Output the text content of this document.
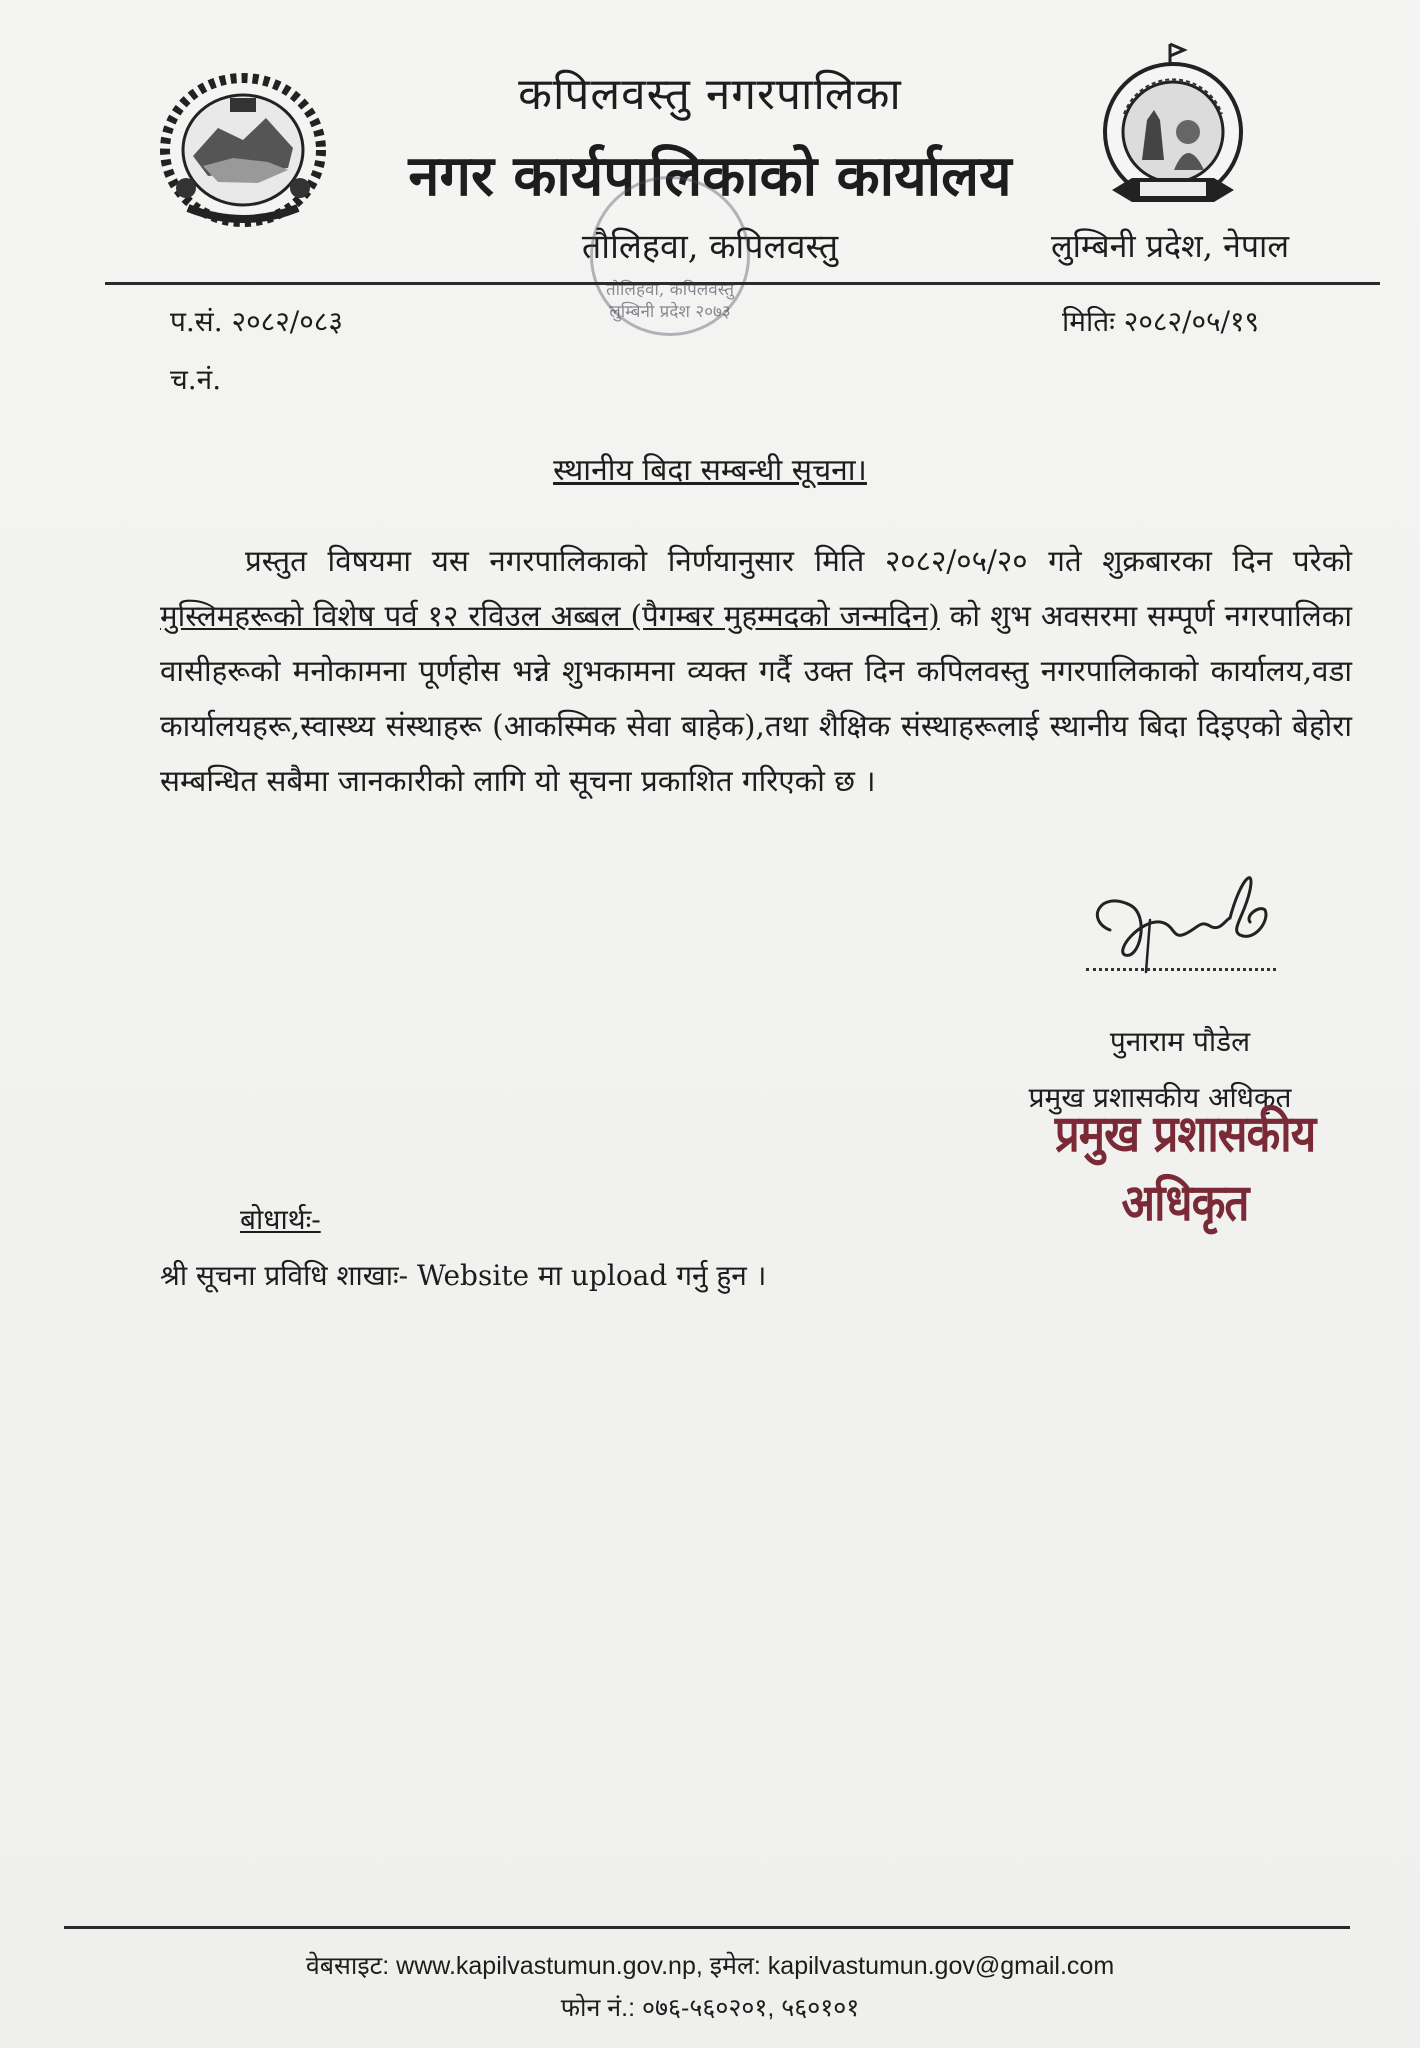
कपिलवस्तु नगरपालिका
नगर कार्यपालिकाको कार्यालय
तौलिहवा, कपिलवस्तु	लुम्बिनी प्रदेश, नेपाल
तौलिहवा, कपिलवस्तु लुम्बिनी प्रदेश २०७३
प.सं. २०८२/०८३
च.नं.
मितिः २०८२/०५/१९
स्थानीय बिदा सम्बन्धी सूचना।
प्रस्तुत विषयमा यस नगरपालिकाको निर्णयानुसार मिति २०८२/०५/२० गते शुक्रबारका दिन परेको मुस्लिमहरूको विशेष पर्व १२ रविउल अब्बल (पैगम्बर मुहम्मदको जन्मदिन) को शुभ अवसरमा सम्पूर्ण नगरपालिका वासीहरूको मनोकामना पूर्णहोस भन्ने शुभकामना व्यक्त गर्दै उक्त दिन कपिलवस्तु नगरपालिकाको कार्यालय,वडा कार्यालयहरू,स्वास्थ्य संस्थाहरू (आकस्मिक सेवा बाहेक),तथा शैक्षिक संस्थाहरूलाई स्थानीय बिदा दिइएको बेहोरा सम्बन्धित सबैमा जानकारीको लागि यो सूचना प्रकाशित गरिएको छ ।
पुनाराम पौडेल
प्रमुख प्रशासकीय अधिकृत
प्रमुख प्रशासकीय अधिकृत
बोधार्थः-
श्री सूचना प्रविधि शाखाः- Website मा upload गर्नु हुन ।
वेबसाइट: www.kapilvastumun.gov.np, इमेल: kapilvastumun.gov@gmail.com
फोन नं.: ०७६-५६०२०१, ५६०१०१
